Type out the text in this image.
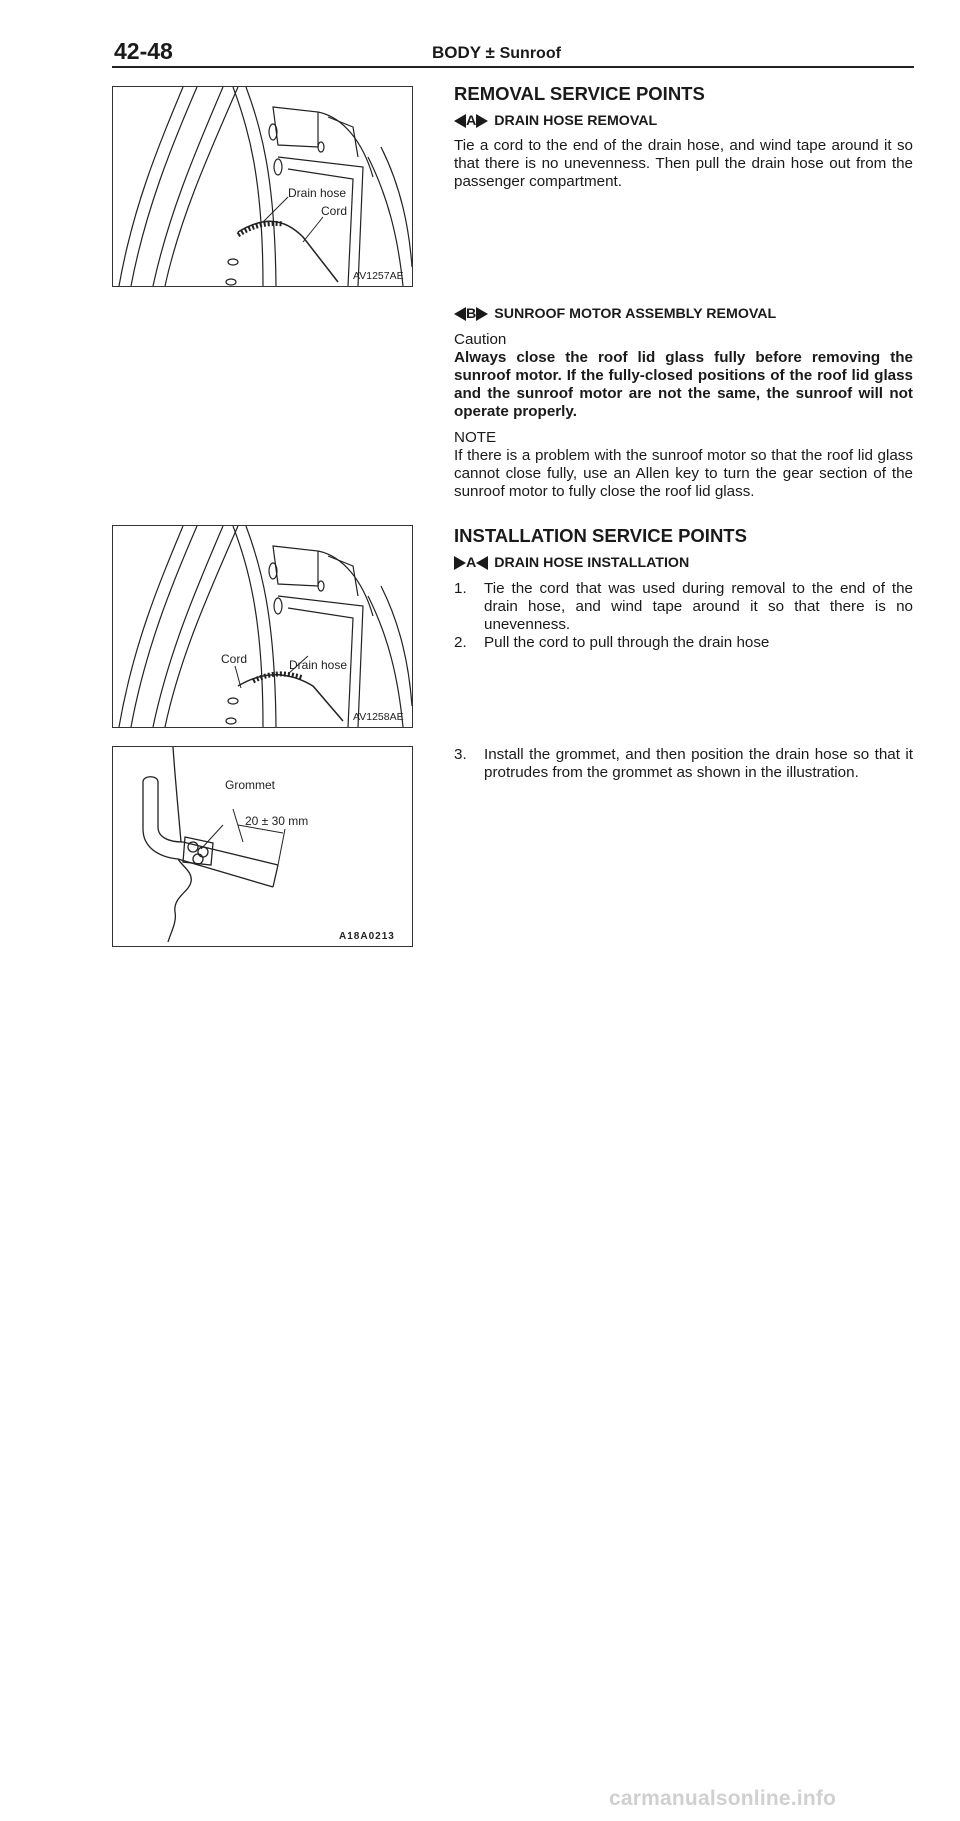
42-48	BODY ± Sunroof
Drain hose
Cord
AV1257AE
Cord	Drain hose
AV1258AE
Grommet
20 ± 30 mm
A18A0213
REMOVAL SERVICE POINTS
A DRAIN HOSE REMOVAL

Tie a cord to the end of the drain hose, and wind tape around it so that there is no unevenness. Then pull the drain hose out from the passenger compartment.

B SUNROOF MOTOR ASSEMBLY REMOVAL
Caution

Always close the roof lid glass fully before removing the sunroof motor. If the fully-closed positions of the roof lid glass and the sunroof motor are not the same, the sunroof will not operate properly.

NOTE

If there is a problem with the sunroof motor so that the roof lid glass cannot close fully, use an Allen key to turn the gear section of the sunroof motor to fully close the roof lid glass.

INSTALLATION SERVICE POINTS
A DRAIN HOSE INSTALLATION
1.	Tie the cord that was used during removal to the end of the drain hose, and wind tape around it so that there is no unevenness.
2.	Pull the cord to pull through the drain hose
3.	Install the grommet, and then position the drain hose so that it protrudes from the grommet as shown in the illustration.
carmanualsonline.info
